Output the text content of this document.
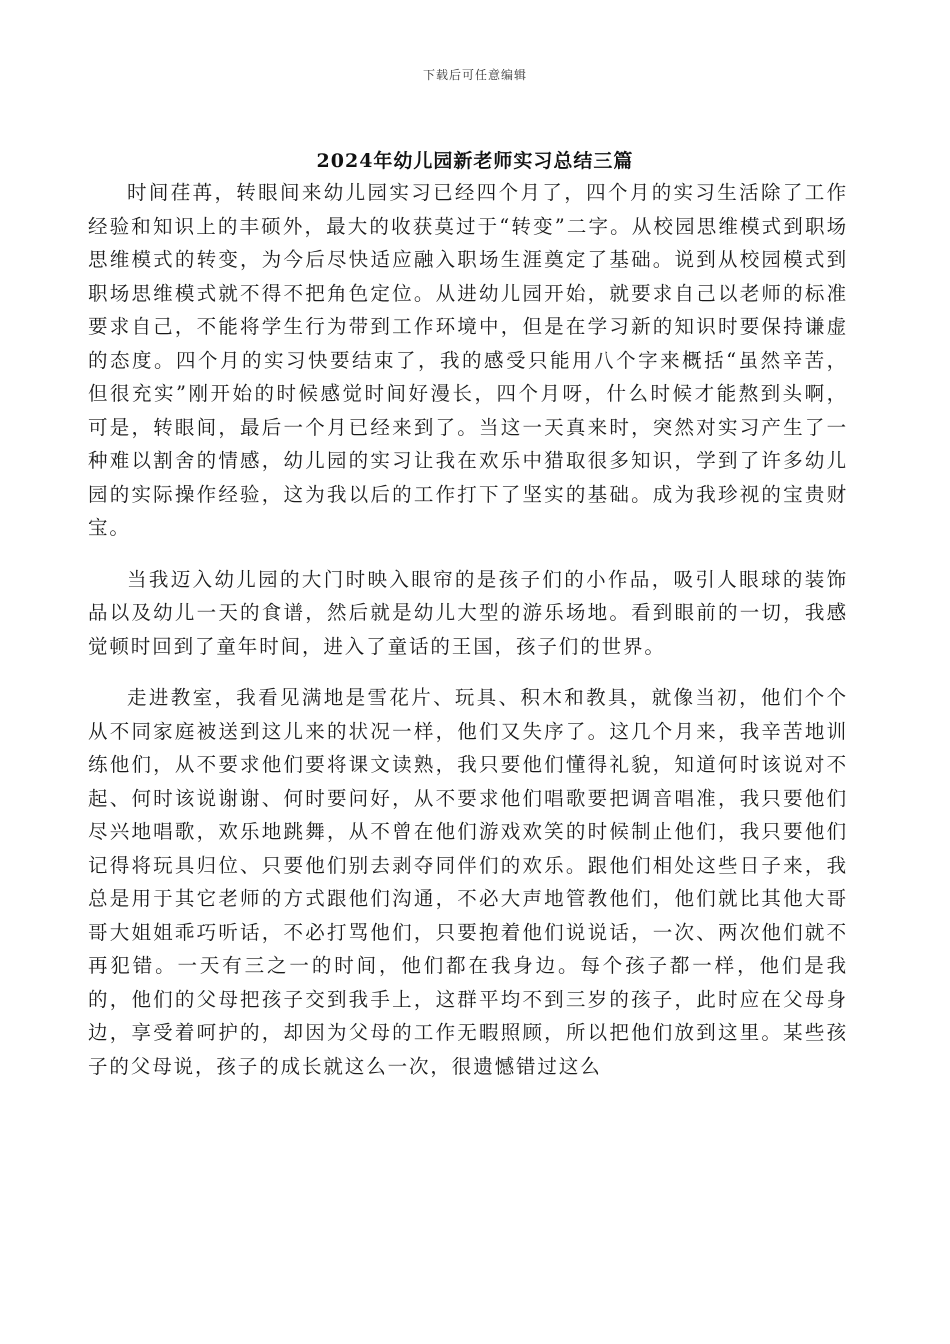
下载后可任意编辑
2024年幼儿园新老师实习总结三篇

时间荏苒，转眼间来幼儿园实习已经四个月了，四个月的实习生活除了工作经验和知识上的丰硕外，最大的收获莫过于“转变”二字。从校园思维模式到职场思维模式的转变，为今后尽快适应融入职场生涯奠定了基础。说到从校园模式到职场思维模式就不得不把角色定位。从进幼儿园开始，就要求自己以老师的标准要求自己，不能将学生行为带到工作环境中，但是在学习新的知识时要保持谦虚的态度。四个月的实习快要结束了，我的感受只能用八个字来概括“虽然辛苦，但很充实”刚开始的时候感觉时间好漫长，四个月呀，什么时候才能熬到头啊，可是，转眼间，最后一个月已经来到了。当这一天真来时，突然对实习产生了一种难以割舍的情感，幼儿园的实习让我在欢乐中猎取很多知识，学到了许多幼儿园的实际操作经验，这为我以后的工作打下了坚实的基础。成为我珍视的宝贵财宝。

当我迈入幼儿园的大门时映入眼帘的是孩子们的小作品，吸引人眼球的装饰品以及幼儿一天的食谱，然后就是幼儿大型的游乐场地。看到眼前的一切，我感觉顿时回到了童年时间，进入了童话的王国，孩子们的世界。

走进教室，我看见满地是雪花片、玩具、积木和教具，就像当初，他们个个从不同家庭被送到这儿来的状况一样，他们又失序了。这几个月来，我辛苦地训练他们，从不要求他们要将课文读熟，我只要他们懂得礼貌，知道何时该说对不起、何时该说谢谢、何时要问好，从不要求他们唱歌要把调音唱准，我只要他们尽兴地唱歌，欢乐地跳舞，从不曾在他们游戏欢笑的时候制止他们，我只要他们记得将玩具归位、只要他们别去剥夺同伴们的欢乐。跟他们相处这些日子来，我总是用于其它老师的方式跟他们沟通，不必大声地管教他们，他们就比其他大哥哥大姐姐乖巧听话，不必打骂他们，只要抱着他们说说话，一次、两次他们就不再犯错。一天有三之一的时间，他们都在我身边。每个孩子都一样，他们是我的，他们的父母把孩子交到我手上，这群平均不到三岁的孩子，此时应在父母身边，享受着呵护的，却因为父母的工作无暇照顾，所以把他们放到这里。某些孩子的父母说，孩子的成长就这么一次，很遗憾错过这么
